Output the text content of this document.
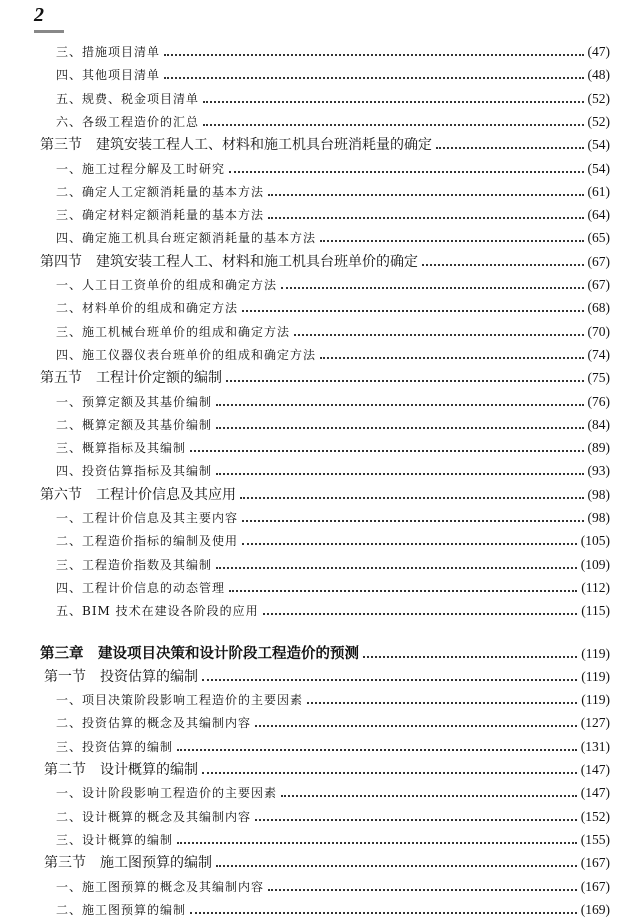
2
三、措施项目清单	(47)
四、其他项目清单	(48)
五、规费、税金项目清单	(52)
六、各级工程造价的汇总	(52)
第三节　建筑安装工程人工、材料和施工机具台班消耗量的确定	(54)
一、施工过程分解及工时研究	(54)
二、确定人工定额消耗量的基本方法	(61)
三、确定材料定额消耗量的基本方法	(64)
四、确定施工机具台班定额消耗量的基本方法	(65)
第四节　建筑安装工程人工、材料和施工机具台班单价的确定	(67)
一、人工日工资单价的组成和确定方法	(67)
二、材料单价的组成和确定方法	(68)
三、施工机械台班单价的组成和确定方法	(70)
四、施工仪器仪表台班单价的组成和确定方法	(74)
第五节　工程计价定额的编制	(75)
一、预算定额及其基价编制	(76)
二、概算定额及其基价编制	(84)
三、概算指标及其编制	(89)
四、投资估算指标及其编制	(93)
第六节　工程计价信息及其应用	(98)
一、工程计价信息及其主要内容	(98)
二、工程造价指标的编制及使用	(105)
三、工程造价指数及其编制	(109)
四、工程计价信息的动态管理	(112)
五、BIM 技术在建设各阶段的应用	(115)
第三章　建设项目决策和设计阶段工程造价的预测	(119)
第一节　投资估算的编制	(119)
一、项目决策阶段影响工程造价的主要因素	(119)
二、投资估算的概念及其编制内容	(127)
三、投资估算的编制	(131)
第二节　设计概算的编制	(147)
一、设计阶段影响工程造价的主要因素	(147)
二、设计概算的概念及其编制内容	(152)
三、设计概算的编制	(155)
第三节　施工图预算的编制	(167)
一、施工图预算的概念及其编制内容	(167)
二、施工图预算的编制	(169)
